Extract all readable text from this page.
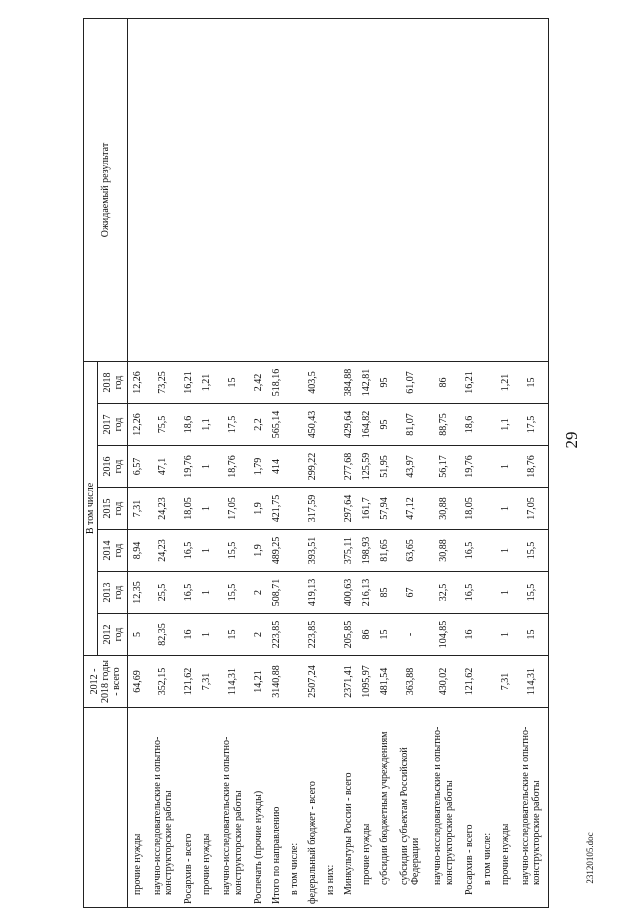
29
	2012 - 2018 годы - всего	В том числе							Ожидаемый результат
		2012 год	2013 год	2014 год	2015 год	2016 год	2017 год	2018 год	
прочие нужды	64,69	5	12,35	8,94	7,31	6,57	12,26	12,26	
научно-исследовательские и опытно-конструкторские работы	352,15	82,35	25,5	24,23	24,23	47,1	75,5	73,25	
Росархив - всего	121,62	16	16,5	16,5	18,05	19,76	18,6	16,21	
прочие нужды	7,31	1	1	1	1	1	1,1	1,21	
научно-исследовательские и опытно-конструкторские работы	114,31	15	15,5	15,5	17,05	18,76	17,5	15	
Роспечать (прочие нужды)	14,21	2	2	1,9	1,9	1,79	2,2	2,42	
Итого по направлению	3140,88	223,85	508,71	489,25	421,75	414	565,14	518,16	
в том числе:									
федеральный бюджет - всего	2507,24	223,85	419,13	393,51	317,59	299,22	450,43	403,5	
из них:									
Минкультуры России - всего	2371,41	205,85	400,63	375,11	297,64	277,68	429,64	384,88	
прочие нужды	1095,97	86	216,13	198,93	161,7	125,59	164,82	142,81	
субсидии бюджетным учреждениям	481,54	15	85	81,65	57,94	51,95	95	95	
субсидии субъектам Российской Федерации	363,88	-	67	63,65	47,12	43,97	81,07	61,07	
научно-исследовательские и опытно-конструкторские работы	430,02	104,85	32,5	30,88	30,88	56,17	88,75	86	
Росархив - всего	121,62	16	16,5	16,5	18,05	19,76	18,6	16,21	
в том числе:									
прочие нужды	7,31	1	1	1	1	1	1,1	1,21	
научно-исследовательские и опытно-конструкторские работы	114,31	15	15,5	15,5	17,05	18,76	17,5	15	
23120105.doc
